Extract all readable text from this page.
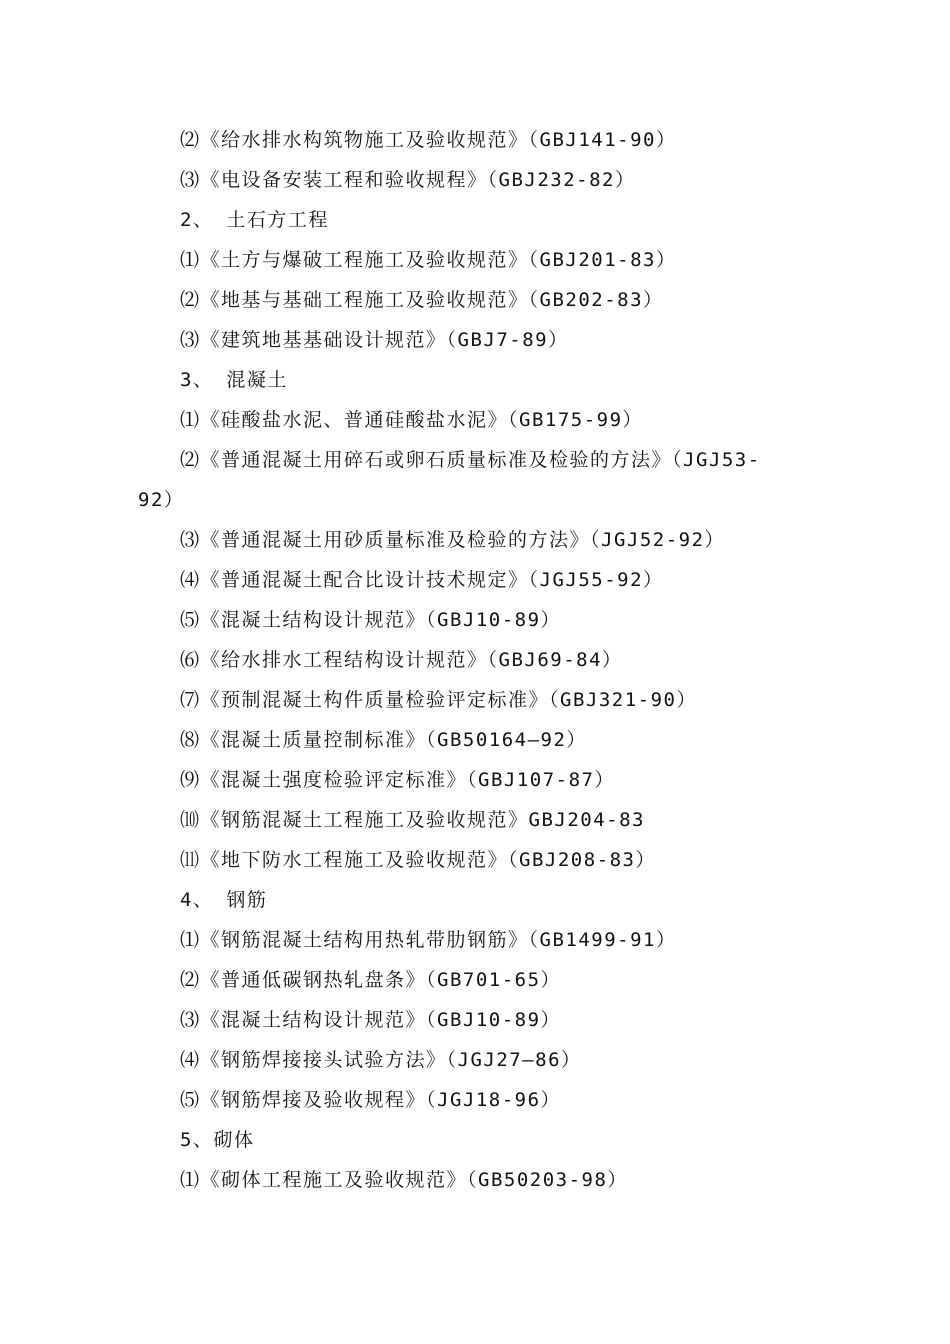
⑵《给水排水构筑物施工及验收规范》（GBJ141-90）
⑶《电设备安装工程和验收规程》（GBJ232-82）
2、 土石方工程
⑴《土方与爆破工程施工及验收规范》（GBJ201-83）
⑵《地基与基础工程施工及验收规范》（GB202-83）
⑶《建筑地基基础设计规范》（GBJ7-89）
3、 混凝土
⑴《硅酸盐水泥、普通硅酸盐水泥》（GB175-99）
⑵《普通混凝土用碎石或卵石质量标准及检验的方法》（JGJ53-
92）
⑶《普通混凝土用砂质量标准及检验的方法》（JGJ52-92）
⑷《普通混凝土配合比设计技术规定》（JGJ55-92）
⑸《混凝土结构设计规范》（GBJ10-89）
⑹《给水排水工程结构设计规范》（GBJ69-84）
⑺《预制混凝土构件质量检验评定标准》（GBJ321-90）
⑻《混凝土质量控制标准》（GB50164—92）
⑼《混凝土强度检验评定标准》（GBJ107-87）
⑽《钢筋混凝土工程施工及验收规范》GBJ204-83
⑾《地下防水工程施工及验收规范》（GBJ208-83）
4、 钢筋
⑴《钢筋混凝土结构用热轧带肋钢筋》（GB1499-91）
⑵《普通低碳钢热轧盘条》（GB701-65）
⑶《混凝土结构设计规范》（GBJ10-89）
⑷《钢筋焊接接头试验方法》（JGJ27—86）
⑸《钢筋焊接及验收规程》（JGJ18-96）
5、砌体
⑴《砌体工程施工及验收规范》（GB50203-98）
